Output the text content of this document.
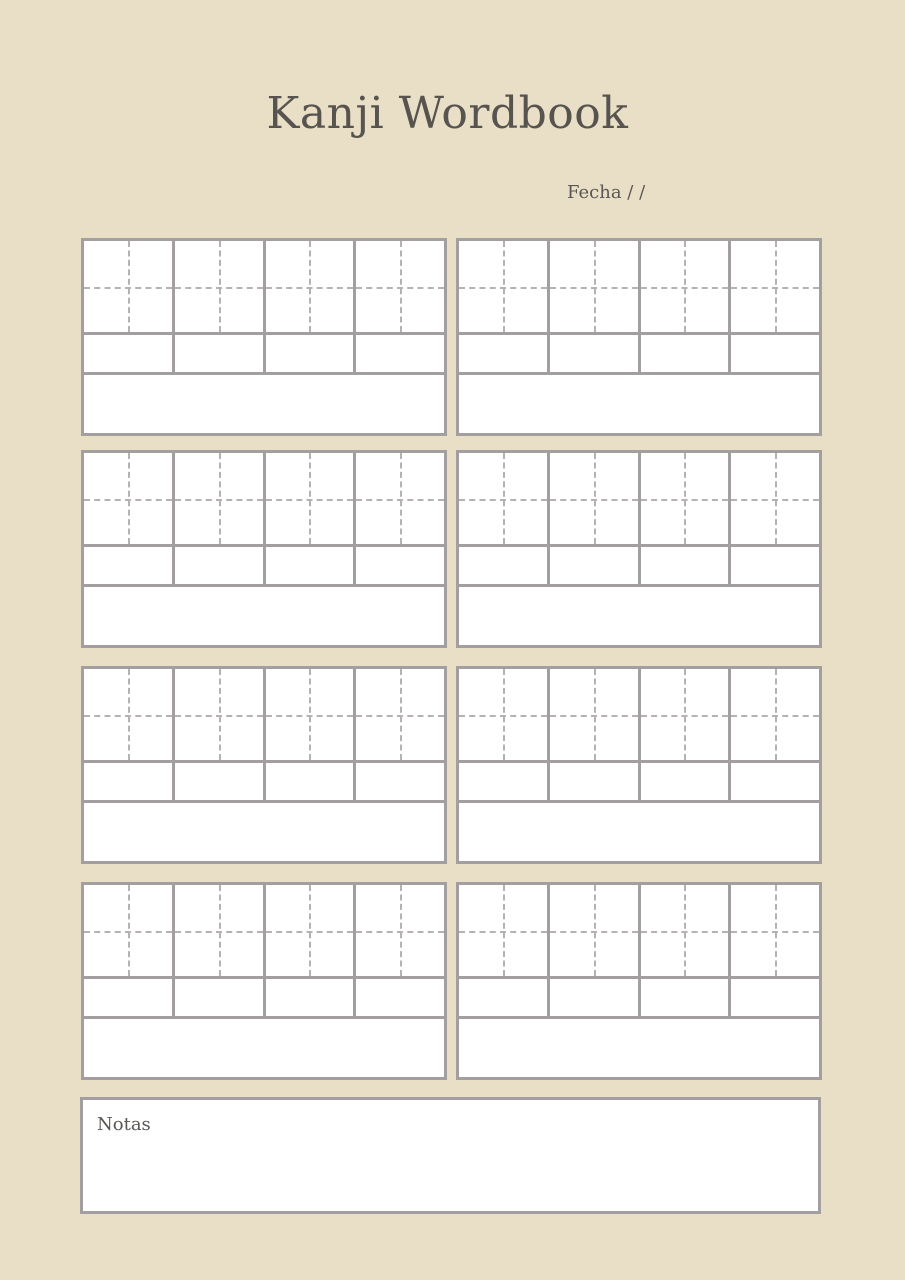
Kanji Wordbook
Fecha / /
Notas
